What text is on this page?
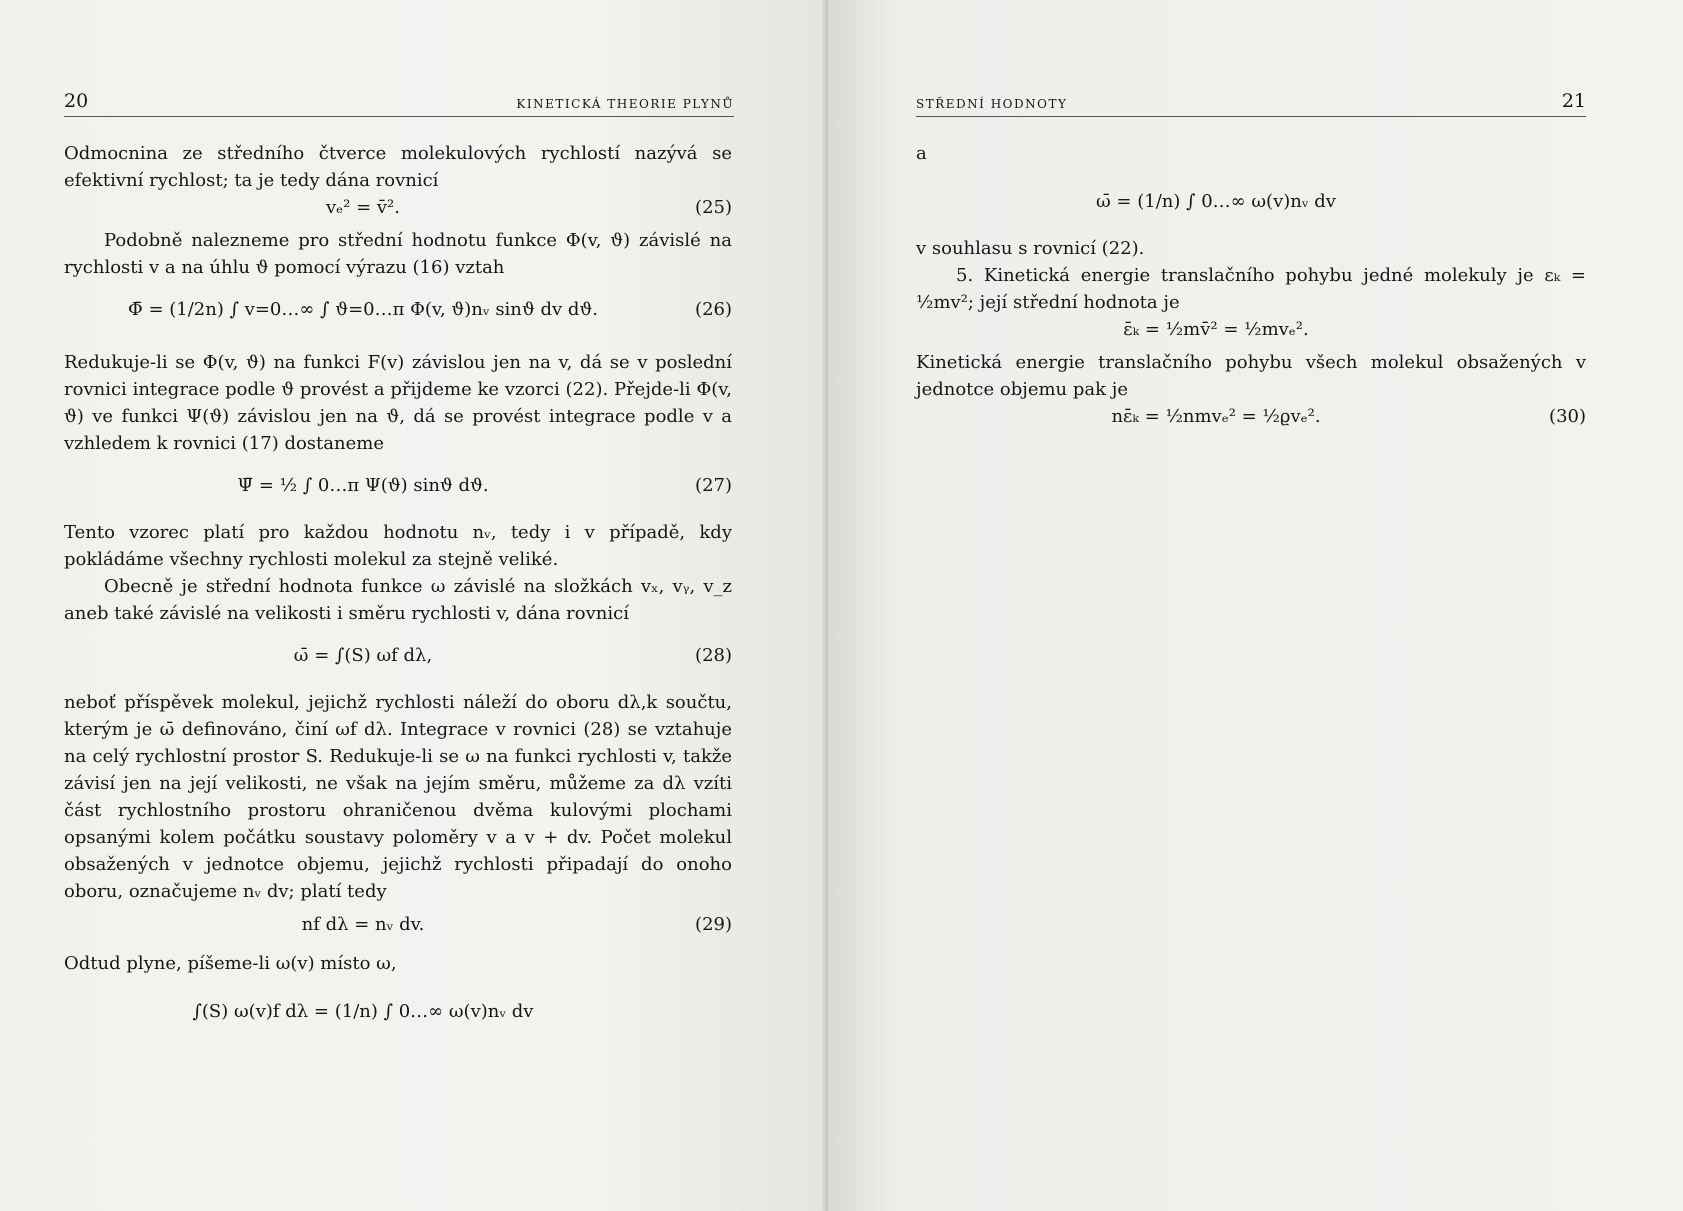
20	KINETICKÁ THEORIE PLYNŮ

Odmocnina ze středního čtverce molekulových rychlostí nazývá se efektivní rychlost; ta je tedy dána rovnicí

vₑ² = v̄².	(25)

Podobně nalezneme pro střední hodnotu funkce Φ(v, ϑ) závislé na rychlosti v a na úhlu ϑ pomocí výrazu (16) vztah

Φ̄ = (1/2n) ∫ v=0…∞ ∫ ϑ=0…π Φ(v, ϑ)nᵥ sinϑ dv dϑ.	(26)

Redukuje-li se Φ(v, ϑ) na funkci F(v) závislou jen na v, dá se v poslední rovnici integrace podle ϑ provést a přijdeme ke vzorci (22). Přejde-li Φ(v, ϑ) ve funkci Ψ(ϑ) závislou jen na ϑ, dá se provést integrace podle v a vzhledem k rovnici (17) dostaneme

Ψ̄ = ½ ∫ 0…π Ψ(ϑ) sinϑ dϑ.	(27)

Tento vzorec platí pro každou hodnotu nᵥ, tedy i v případě, kdy pokládáme všechny rychlosti molekul za stejně veliké.

Obecně je střední hodnota funkce ω závislé na složkách vₓ, vᵧ, v_z aneb také závislé na velikosti i směru rychlosti v, dána rovnicí

ω̄ = ∫(S) ωf dλ,	(28)

neboť příspěvek molekul, jejichž rychlosti náleží do oboru dλ,k součtu, kterým je ω̄ definováno, činí ωf dλ. Integrace v rovnici (28) se vztahuje na celý rychlostní prostor S. Redukuje-li se ω na funkci rychlosti v, takže závisí jen na její velikosti, ne však na jejím směru, můžeme za dλ vzíti část rychlostního prostoru ohraničenou dvěma kulovými plochami opsanými kolem počátku soustavy poloměry v a v + dv. Počet molekul obsažených v jednotce objemu, jejichž rychlosti připadají do onoho oboru, označujeme nᵥ dv; platí tedy

nf dλ = nᵥ dv.	(29)

Odtud plyne, píšeme-li ω(v) místo ω,

∫(S) ω(v)f dλ = (1/n) ∫ 0…∞ ω(v)nᵥ dv
STŘEDNÍ HODNOTY	21

a

ω̄ = (1/n) ∫ 0…∞ ω(v)nᵥ dv

v souhlasu s rovnicí (22).

5. Kinetická energie translačního pohybu jedné molekuly je εₖ = ½mv²; její střední hodnota je

ε̄ₖ = ½mv̄² = ½mvₑ².

Kinetická energie translačního pohybu všech molekul obsažených v jednotce objemu pak je

nε̄ₖ = ½nmvₑ² = ½ϱvₑ².	(30)
